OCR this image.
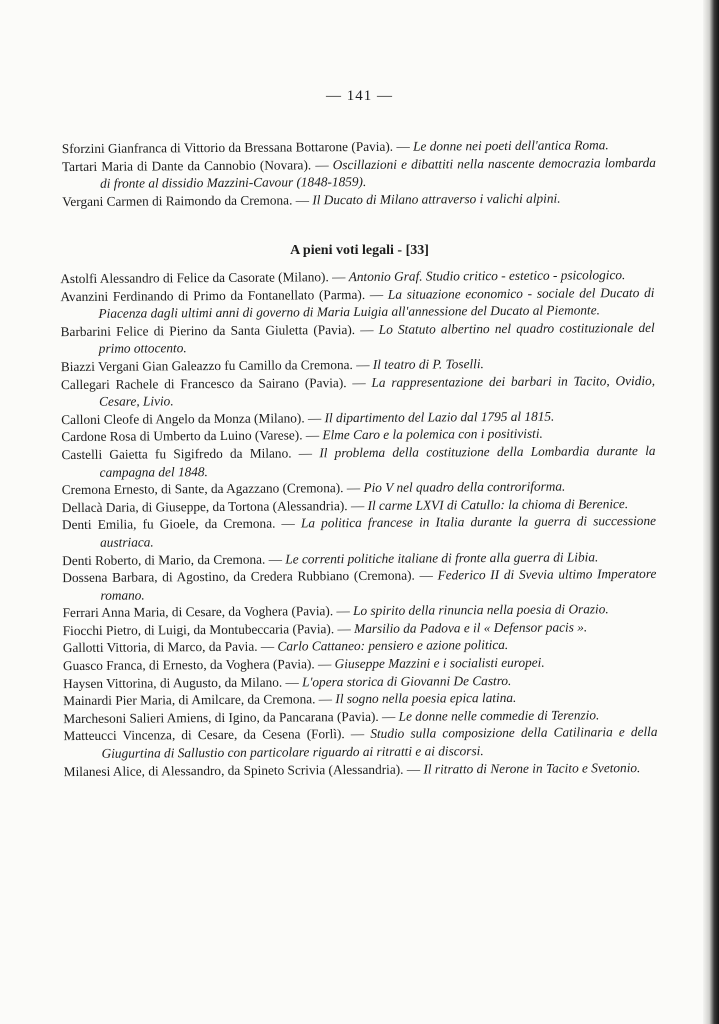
— 141 —

Sforzini Gianfranca di Vittorio da Bressana Bottarone (Pavia). — Le donne nei poeti dell'antica Roma.

Tartari Maria di Dante da Cannobio (Novara). — Oscillazioni e dibattiti nella nascente democrazia lombarda di fronte al dissidio Mazzini-Cavour (1848-1859).

Vergani Carmen di Raimondo da Cremona. — Il Ducato di Milano attraverso i valichi alpini.

A pieni voti legali - [33]

Astolfi Alessandro di Felice da Casorate (Milano). — Antonio Graf. Studio critico - estetico - psicologico.

Avanzini Ferdinando di Primo da Fontanellato (Parma). — La situazione economico - sociale del Ducato di Piacenza dagli ultimi anni di governo di Maria Luigia all'annessione del Ducato al Piemonte.

Barbarini Felice di Pierino da Santa Giuletta (Pavia). — Lo Statuto albertino nel quadro costituzionale del primo ottocento.

Biazzi Vergani Gian Galeazzo fu Camillo da Cremona. — Il teatro di P. Toselli.

Callegari Rachele di Francesco da Sairano (Pavia). — La rappresentazione dei barbari in Tacito, Ovidio, Cesare, Livio.

Calloni Cleofe di Angelo da Monza (Milano). — Il dipartimento del Lazio dal 1795 al 1815.

Cardone Rosa di Umberto da Luino (Varese). — Elme Caro e la polemica con i positivisti.

Castelli Gaietta fu Sigifredo da Milano. — Il problema della costituzione della Lombardia durante la campagna del 1848.

Cremona Ernesto, di Sante, da Agazzano (Cremona). — Pio V nel quadro della controriforma.

Dellacà Daria, di Giuseppe, da Tortona (Alessandria). — Il carme LXVI di Catullo: la chioma di Berenice.

Denti Emilia, fu Gioele, da Cremona. — La politica francese in Italia durante la guerra di successione austriaca.

Denti Roberto, di Mario, da Cremona. — Le correnti politiche italiane di fronte alla guerra di Libia.

Dossena Barbara, di Agostino, da Credera Rubbiano (Cremona). — Federico II di Svevia ultimo Imperatore romano.

Ferrari Anna Maria, di Cesare, da Voghera (Pavia). — Lo spirito della rinuncia nella poesia di Orazio.

Fiocchi Pietro, di Luigi, da Montubeccaria (Pavia). — Marsilio da Padova e il « Defensor pacis ».

Gallotti Vittoria, di Marco, da Pavia. — Carlo Cattaneo: pensiero e azione politica.

Guasco Franca, di Ernesto, da Voghera (Pavia). — Giuseppe Mazzini e i socialisti europei.

Haysen Vittorina, di Augusto, da Milano. — L'opera storica di Giovanni De Castro.

Mainardi Pier Maria, di Amilcare, da Cremona. — Il sogno nella poesia epica latina.

Marchesoni Salieri Amiens, di Igino, da Pancarana (Pavia). — Le donne nelle commedie di Terenzio.

Matteucci Vincenza, di Cesare, da Cesena (Forlì). — Studio sulla composizione della Catilinaria e della Giugurtina di Sallustio con particolare riguardo ai ritratti e ai discorsi.

Milanesi Alice, di Alessandro, da Spineto Scrivia (Alessandria). — Il ritratto di Nerone in Tacito e Svetonio.
